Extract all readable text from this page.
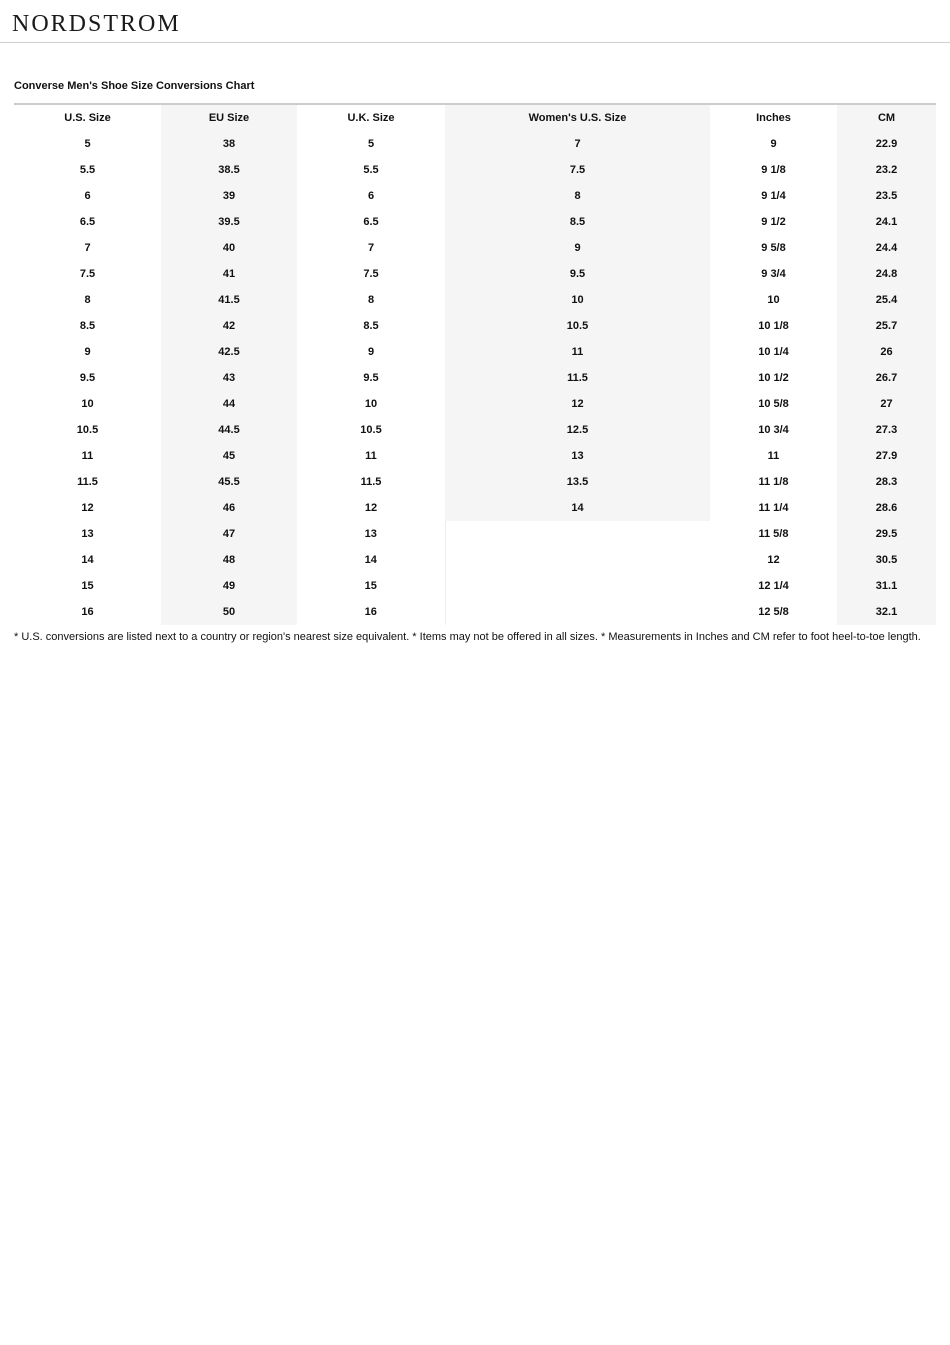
NORDSTROM
Converse Men's Shoe Size Conversions Chart
U.S. Size	EU Size	U.K. Size	Women's U.S. Size	Inches	CM
5	38	5	7	9	22.9
5.5	38.5	5.5	7.5	9 1/8	23.2
6	39	6	8	9 1/4	23.5
6.5	39.5	6.5	8.5	9 1/2	24.1
7	40	7	9	9 5/8	24.4
7.5	41	7.5	9.5	9 3/4	24.8
8	41.5	8	10	10	25.4
8.5	42	8.5	10.5	10 1/8	25.7
9	42.5	9	11	10 1/4	26
9.5	43	9.5	11.5	10 1/2	26.7
10	44	10	12	10 5/8	27
10.5	44.5	10.5	12.5	10 3/4	27.3
11	45	11	13	11	27.9
11.5	45.5	11.5	13.5	11 1/8	28.3
12	46	12	14	11 1/4	28.6
13	47	13		11 5/8	29.5
14	48	14		12	30.5
15	49	15		12 1/4	31.1
16	50	16		12 5/8	32.1
* U.S. conversions are listed next to a country or region's nearest size equivalent. * Items may not be offered in all sizes. * Measurements in Inches and CM refer to foot heel-to-toe length.
